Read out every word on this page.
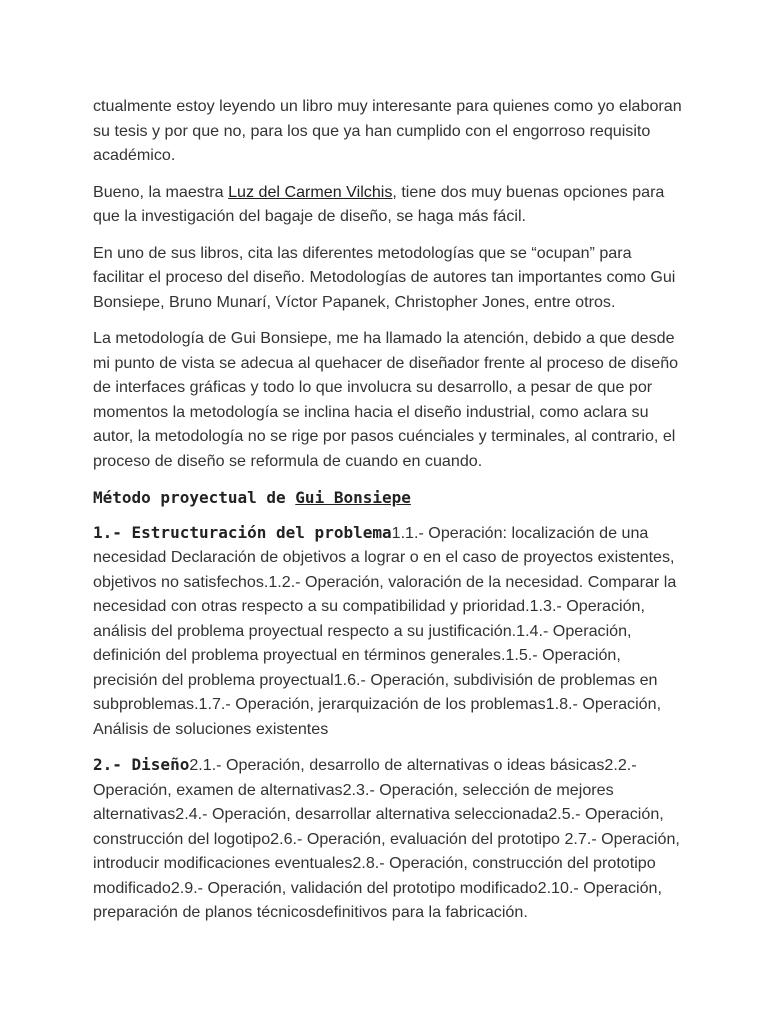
ctualmente estoy leyendo un libro muy interesante para quienes como yo elaboran su tesis y por que no, para los que ya han cumplido con el engorroso requisito académico.

Bueno, la maestra Luz del Carmen Vilchis, tiene dos muy buenas opciones para que la investigación del bagaje de diseño, se haga más fácil.

En uno de sus libros, cita las diferentes metodologías que se “ocupan” para facilitar el proceso del diseño. Metodologías de autores tan importantes como Gui Bonsiepe, Bruno Munarí, Víctor Papanek, Christopher Jones, entre otros.

La metodología de Gui Bonsiepe, me ha llamado la atención, debido a que desde mi punto de vista se adecua al quehacer de diseñador frente al proceso de diseño de interfaces gráficas y todo lo que involucra su desarrollo, a pesar de que por momentos la metodología se inclina hacia el diseño industrial, como aclara su autor, la metodología no se rige por pasos cuénciales y terminales, al contrario, el proceso de diseño se reformula de cuando en cuando.

Método proyectual de Gui Bonsiepe

1.- Estructuración del problema1.1.- Operación: localización de una necesidad Declaración de objetivos a lograr o en el caso de proyectos existentes, objetivos no satisfechos.1.2.- Operación, valoración de la necesidad. Comparar la necesidad con otras respecto a su compatibilidad y prioridad.1.3.- Operación, análisis del problema proyectual respecto a su justificación.1.4.- Operación, definición del problema proyectual en términos generales.1.5.- Operación, precisión del problema proyectual1.6.- Operación, subdivisión de problemas en subproblemas.1.7.- Operación, jerarquización de los problemas1.8.- Operación, Análisis de soluciones existentes

2.- Diseño2.1.- Operación, desarrollo de alternativas o ideas básicas2.2.- Operación, examen de alternativas2.3.- Operación, selección de mejores alternativas2.4.- Operación, desarrollar alternativa seleccionada2.5.- Operación, construcción del logotipo2.6.- Operación, evaluación del prototipo 2.7.- Operación, introducir modificaciones eventuales2.8.- Operación, construcción del prototipo modificado2.9.- Operación, validación del prototipo modificado2.10.- Operación, preparación de planos técnicosdefinitivos para la fabricación.
